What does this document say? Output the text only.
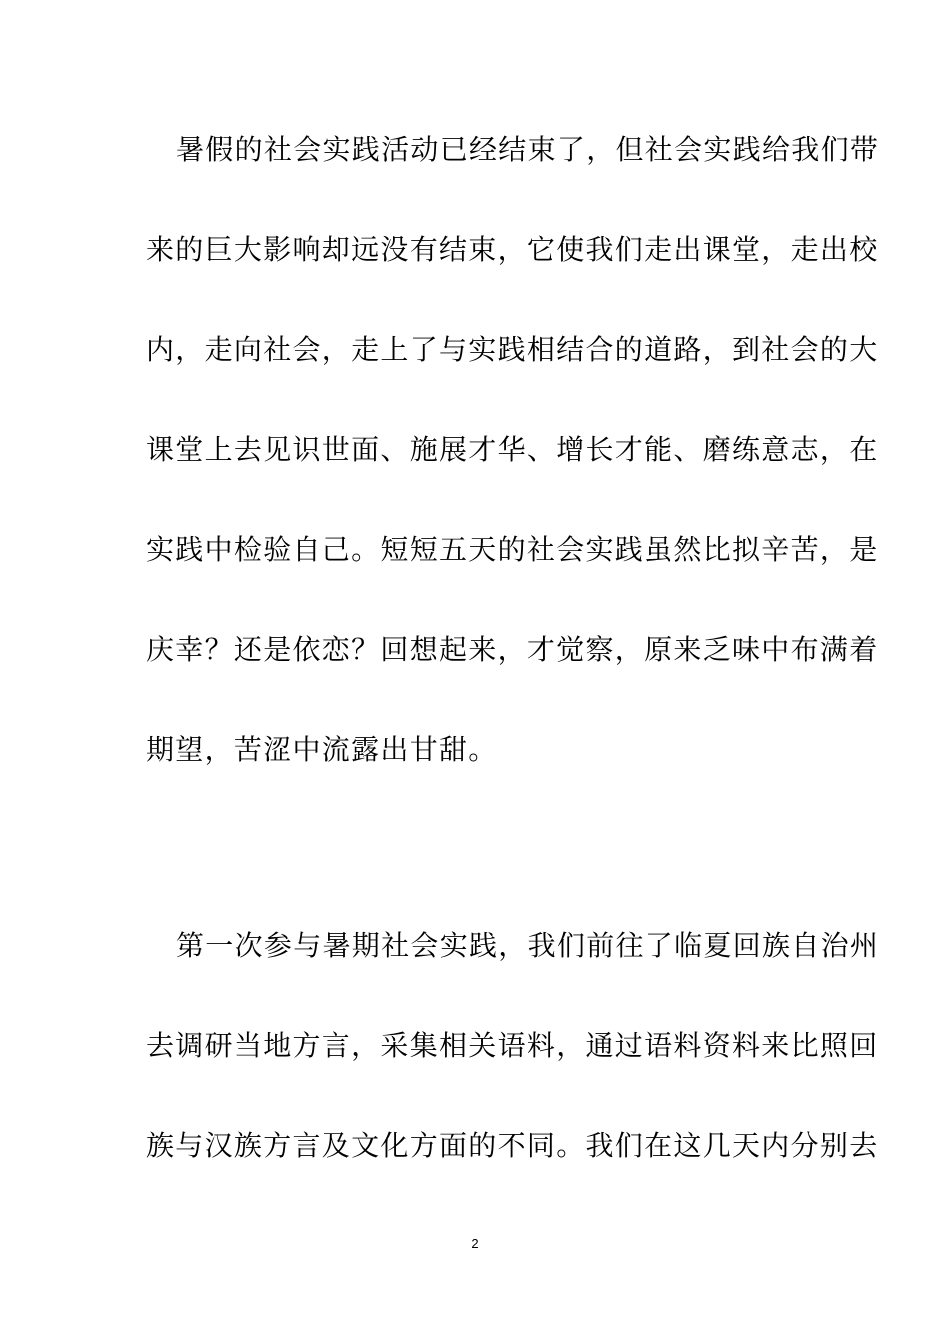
暑假的社会实践活动已经结束了，但社会实践给我们带
来的巨大影响却远没有结束，它使我们走出课堂，走出校
内，走向社会，走上了与实践相结合的道路，到社会的大
课堂上去见识世面、施展才华、增长才能、磨练意志，在
实践中检验自己。短短五天的社会实践虽然比拟辛苦，是
庆幸？还是依恋？回想起来，才觉察，原来乏味中布满着
期望，苦涩中流露出甘甜。
第一次参与暑期社会实践，我们前往了临夏回族自治州
去调研当地方言，采集相关语料，通过语料资料来比照回
族与汉族方言及文化方面的不同。我们在这几天内分别去
2
